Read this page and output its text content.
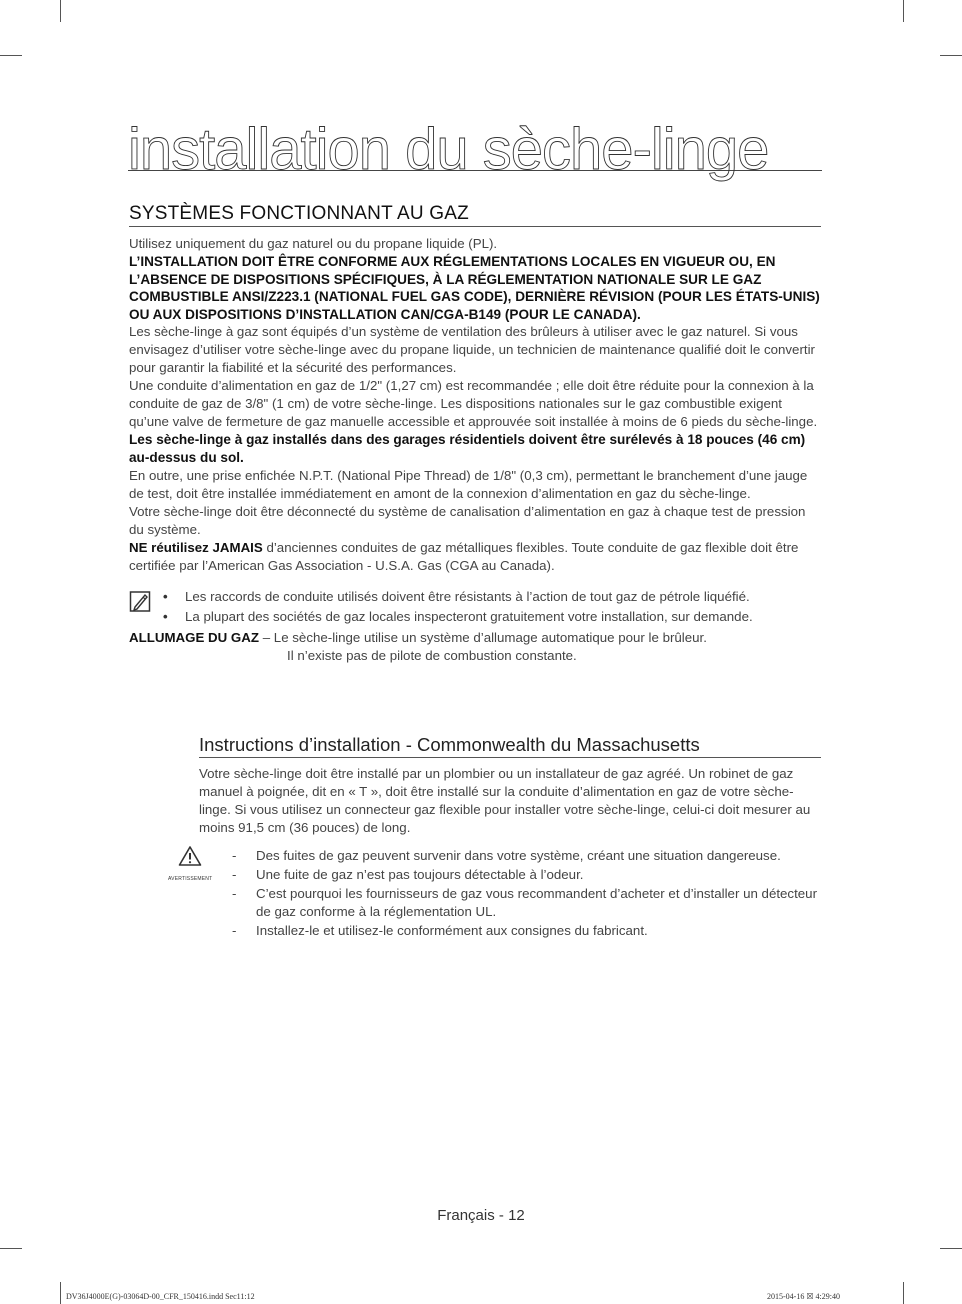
installation du sèche-linge
SYSTÈMES FONCTIONNANT AU GAZ

Utilisez uniquement du gaz naturel ou du propane liquide (PL).

L’INSTALLATION DOIT ÊTRE CONFORME AUX RÉGLEMENTATIONS LOCALES EN VIGUEUR OU, EN L’ABSENCE DE DISPOSITIONS SPÉCIFIQUES, À LA RÉGLEMENTATION NATIONALE SUR LE GAZ COMBUSTIBLE ANSI/Z223.1 (NATIONAL FUEL GAS CODE), DERNIÈRE RÉVISION (POUR LES ÉTATS-UNIS) OU AUX DISPOSITIONS D’INSTALLATION CAN/CGA-B149 (POUR LE CANADA).

Les sèche-linge à gaz sont équipés d’un système de ventilation des brûleurs à utiliser avec le gaz naturel. Si vous envisagez d’utiliser votre sèche-linge avec du propane liquide, un technicien de maintenance qualifié doit le convertir pour garantir la fiabilité et la sécurité des performances.

Une conduite d’alimentation en gaz de 1/2" (1,27 cm) est recommandée ; elle doit être réduite pour la connexion à la conduite de gaz de 3/8" (1 cm) de votre sèche-linge. Les dispositions nationales sur le gaz combustible exigent qu’une valve de fermeture de gaz manuelle accessible et approuvée soit installée à moins de 6 pieds du sèche-linge.

Les sèche-linge à gaz installés dans des garages résidentiels doivent être surélevés à 18 pouces (46 cm) au-dessus du sol.

En outre, une prise enfichée N.P.T. (National Pipe Thread) de 1/8" (0,3 cm), permettant le branchement d’une jauge de test, doit être installée immédiatement en amont de la connexion d’alimentation en gaz du sèche-linge.

Votre sèche-linge doit être déconnecté du système de canalisation d’alimentation en gaz à chaque test de pression du système.

NE réutilisez JAMAIS d’anciennes conduites de gaz métalliques flexibles. Toute conduite de gaz flexible doit être certifiée par l’American Gas Association - U.S.A. Gas (CGA au Canada).

• Les raccords de conduite utilisés doivent être résistants à l’action de tout gaz de pétrole liquéfié.
• La plupart des sociétés de gaz locales inspecteront gratuitement votre installation, sur demande.

ALLUMAGE DU GAZ – Le sèche-linge utilise un système d’allumage automatique pour le brûleur.

Il n’existe pas de pilote de combustion constante.

Instructions d’installation - Commonwealth du Massachusetts

Votre sèche-linge doit être installé par un plombier ou un installateur de gaz agréé. Un robinet de gaz manuel à poignée, dit en « T », doit être installé sur la conduite d’alimentation en gaz de votre sèche-linge. Si vous utilisez un connecteur gaz flexible pour installer votre sèche-linge, celui-ci doit mesurer au moins 91,5 cm (36 pouces) de long.

AVERTISSEMENT
- Des fuites de gaz peuvent survenir dans votre système, créant une situation dangereuse.
- Une fuite de gaz n’est pas toujours détectable à l’odeur.
- C’est pourquoi les fournisseurs de gaz vous recommandent d’acheter et d’installer un détecteur de gaz conforme à la réglementation UL.
- Installez-le et utilisez-le conformément aux consignes du fabricant.
Français - 12
DV36J4000E(G)-03064D-00_CFR_150416.indd Sec11:12	2015-04-16 ☒ 4:29:40
